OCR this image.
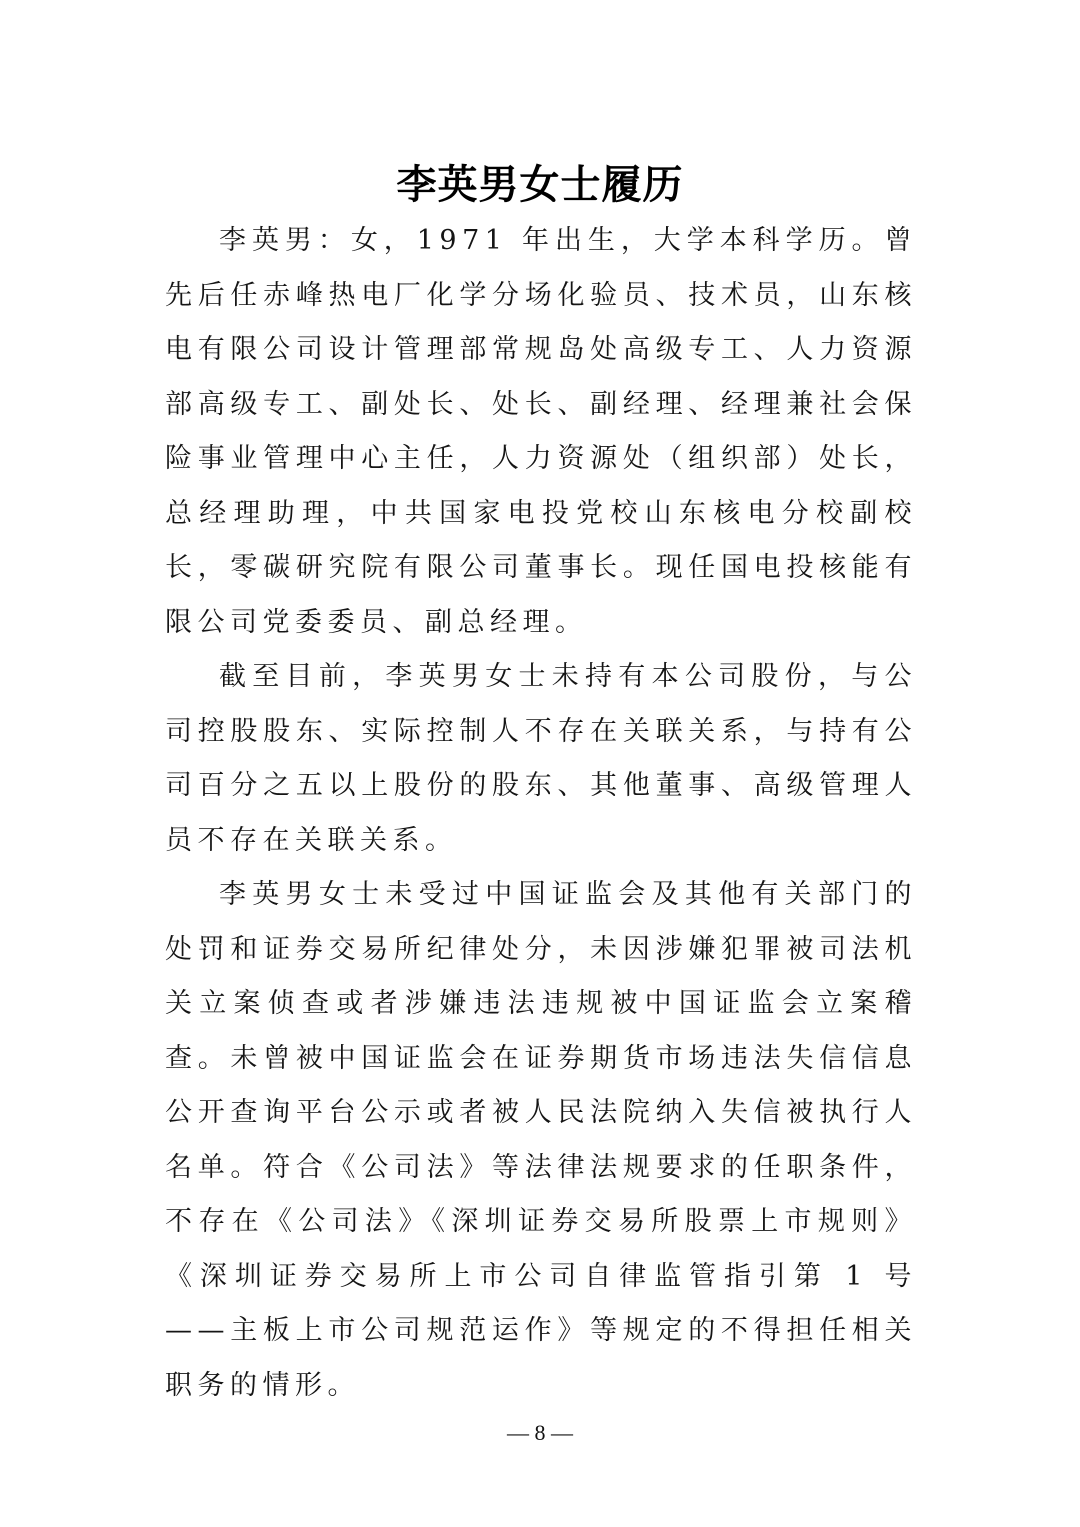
李英男女士履历

李英男：女，1971 年出生，大学本科学历。曾先后任赤峰热电厂化学分场化验员、技术员，山东核电有限公司设计管理部常规岛处高级专工、人力资源部高级专工、副处长、处长、副经理、经理兼社会保险事业管理中心主任，人力资源处（组织部）处长，总经理助理，中共国家电投党校山东核电分校副校长，零碳研究院有限公司董事长。现任国电投核能有限公司党委委员、副总经理。

截至目前，李英男女士未持有本公司股份，与公司控股股东、实际控制人不存在关联关系，与持有公司百分之五以上股份的股东、其他董事、高级管理人员不存在关联关系。

李英男女士未受过中国证监会及其他有关部门的处罚和证券交易所纪律处分，未因涉嫌犯罪被司法机关立案侦查或者涉嫌违法违规被中国证监会立案稽查。未曾被中国证监会在证券期货市场违法失信信息公开查询平台公示或者被人民法院纳入失信被执行人名单。符合《公司法》等法律法规要求的任职条件，不存在《公司法》《深圳证券交易所股票上市规则》《深圳证券交易所上市公司自律监管指引第 1 号——主板上市公司规范运作》等规定的不得担任相关职务的情形。

— 8 —
